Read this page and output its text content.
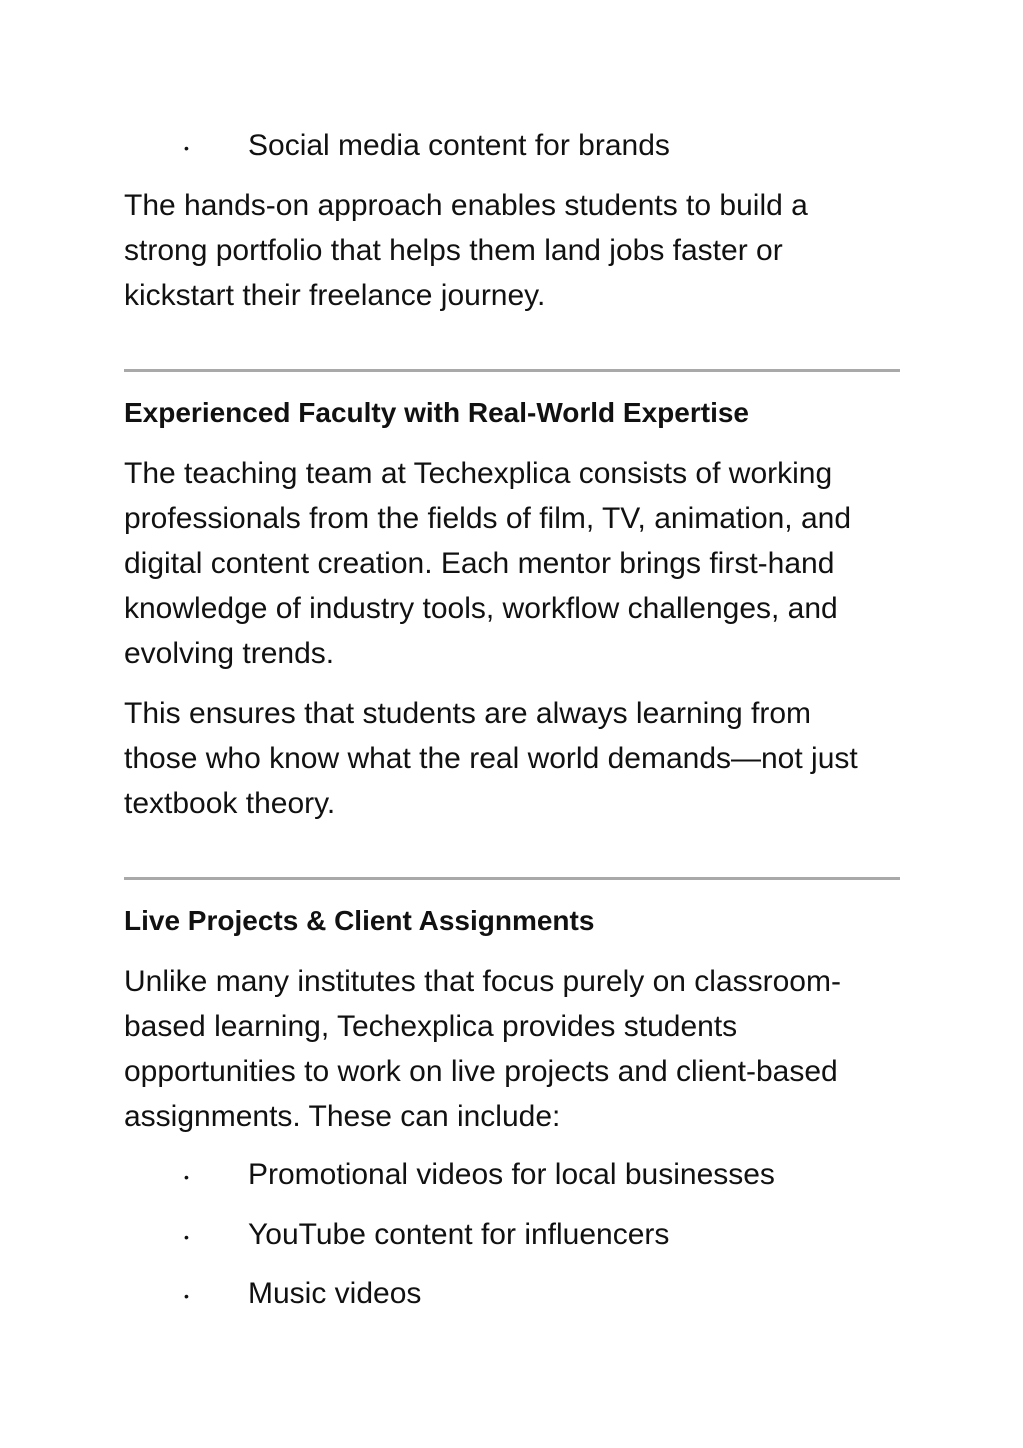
• Social media content for brands

The hands-on approach enables students to build a strong portfolio that helps them land jobs faster or kickstart their freelance journey.

Experienced Faculty with Real-World Expertise

The teaching team at Techexplica consists of working professionals from the fields of film, TV, animation, and digital content creation. Each mentor brings first-hand knowledge of industry tools, workflow challenges, and evolving trends.

This ensures that students are always learning from those who know what the real world demands—not just textbook theory.

Live Projects & Client Assignments

Unlike many institutes that focus purely on classroom-based learning, Techexplica provides students opportunities to work on live projects and client-based assignments. These can include:

• Promotional videos for local businesses
• YouTube content for influencers
• Music videos
